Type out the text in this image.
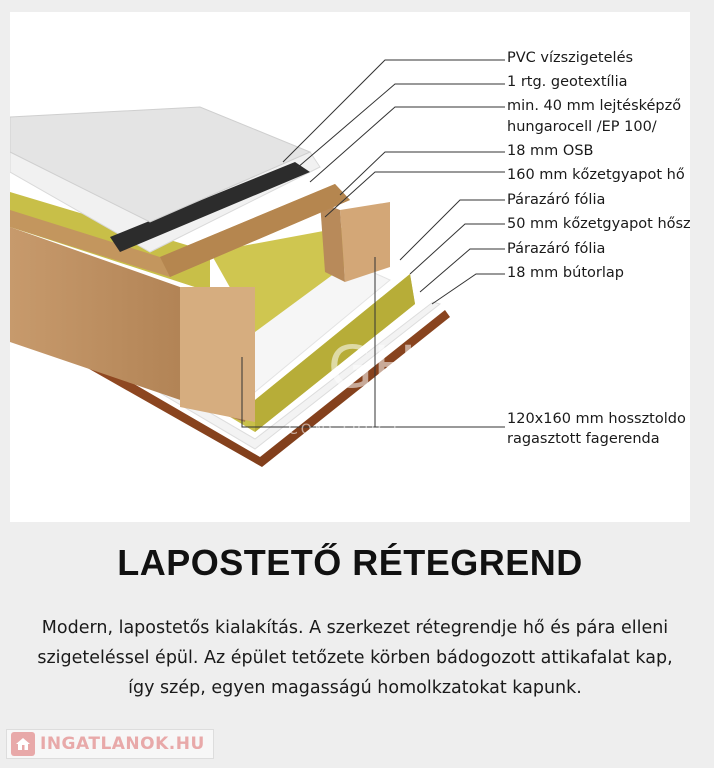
GH
CONSTRUCT
PVC vízszigetelés
1 rtg. geotextília
min. 40 mm lejtésképző
hungarocell /EP 100/
18 mm OSB
160 mm kőzetgyapot hő
Párazáró fólia
50 mm kőzetgyapot hősz
Párazáró fólia
18 mm bútorlap
120x160 mm hossztoldo
ragasztott fagerenda
LAPOSTETŐ RÉTEGREND
Modern, lapostetős kialakítás. A szerkezet rétegrendje hő és pára elleni
szigeteléssel épül. Az épület tetőzete körben bádogozott attikafalat kap,
így szép, egyen magasságú homolkzatokat kapunk.
INGATLANOK.HU
